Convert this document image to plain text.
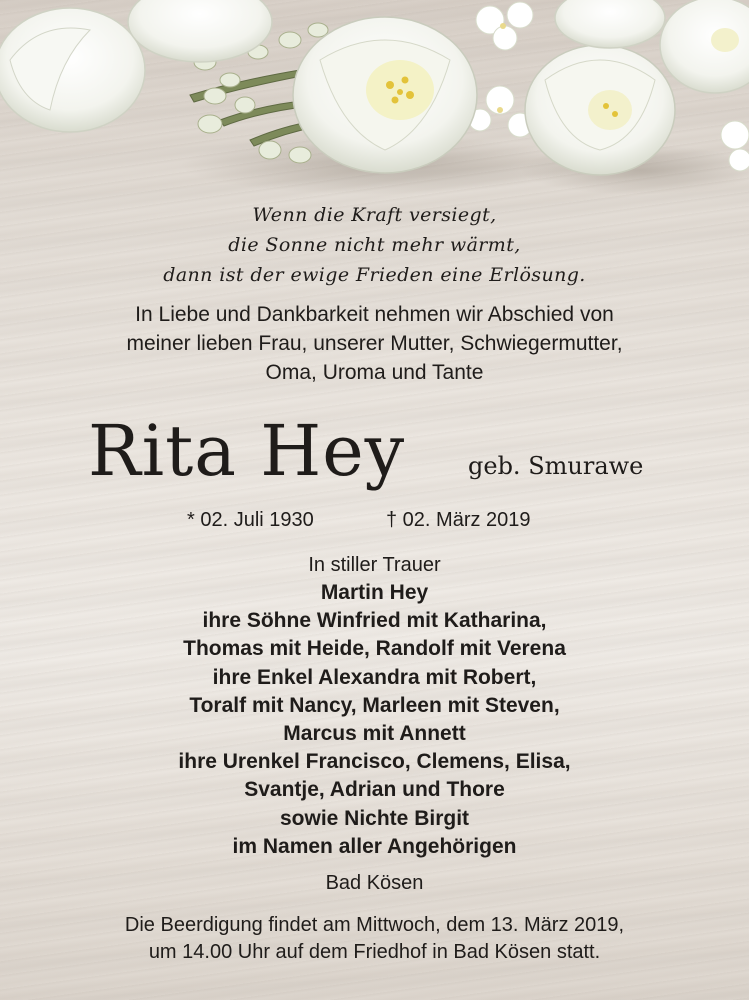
Wenn die Kraft versiegt,
die Sonne nicht mehr wärmt,
dann ist der ewige Frieden eine Erlösung.
In Liebe und Dankbarkeit nehmen wir Abschied von
meiner lieben Frau, unserer Mutter, Schwiegermutter,
Oma, Uroma und Tante
Rita Hey	geb. Smurawe
* 02. Juli 1930	† 02. März 2019
In stiller Trauer
Martin Hey
ihre Söhne Winfried mit Katharina,
Thomas mit Heide, Randolf mit Verena
ihre Enkel Alexandra mit Robert,
Toralf mit Nancy, Marleen mit Steven,
Marcus mit Annett
ihre Urenkel Francisco, Clemens, Elisa,
Svantje, Adrian und Thore
sowie Nichte Birgit
im Namen aller Angehörigen
Bad Kösen
Die Beerdigung findet am Mittwoch, dem 13. März 2019,
um 14.00 Uhr auf dem Friedhof in Bad Kösen statt.
